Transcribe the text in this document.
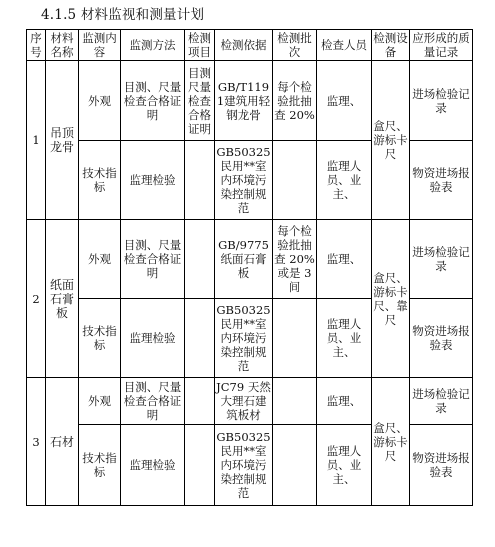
4.1.5 材料监视和测量计划
序号	材料名称	监测内容	监测方法	检测项目	检测依据	检测批次	检查人员	检测设备	应形成的质量记录
1	吊顶龙骨	外观	目测、尺量检查合格证明	目测尺量检查合格证明	GB/T1191建筑用轻钢龙骨	每个检验批抽查 20%	监理、	盒尺、游标卡尺	进场检验记录
		技术指标	监理检验		GB50325民用**室内环境污染控制规范		监理人员、业主、		物资进场报验表
2	纸面石膏板	外观	目测、尺量检查合格证明		GB/9775纸面石膏板	每个检验批抽查 20%或是 3间	监理、	盒尺、游标卡尺、靠尺	进场检验记录
		技术指标	监理检验		GB50325民用**室内环境污染控制规范		监理人员、业主、		物资进场报验表
3	石材	外观	目测、尺量检查合格证明		JC79 天然大理石建筑板材		监理、	盒尺、游标卡尺	进场检验记录
		技术指标	监理检验		GB50325民用**室内环境污染控制规范		监理人员、业主、		物资进场报验表
